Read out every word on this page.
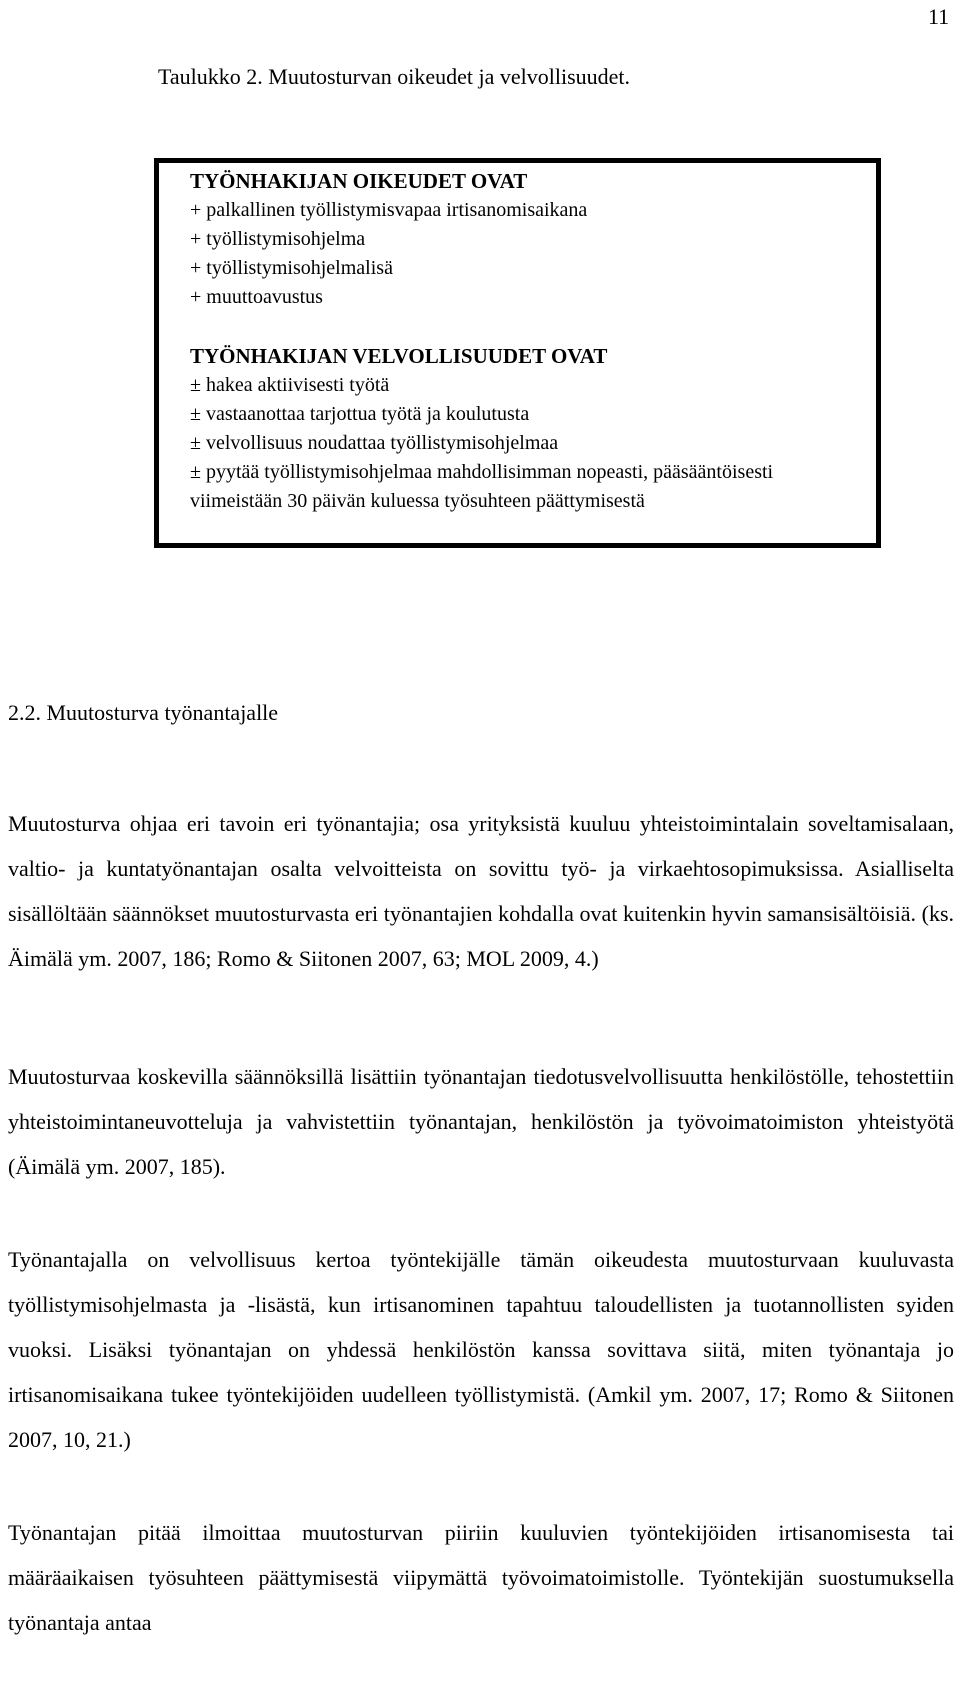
11
Taulukko 2. Muutosturvan oikeudet ja velvollisuudet.
TYÖNHAKIJAN OIKEUDET OVAT
+ palkallinen työllistymisvapaa irtisanomisaikana
+ työllistymisohjelma
+ työllistymisohjelmalisä
+ muuttoavustus
TYÖNHAKIJAN VELVOLLISUUDET OVAT
± hakea aktiivisesti työtä
± vastaanottaa tarjottua työtä ja koulutusta
± velvollisuus noudattaa työllistymisohjelmaa
± pyytää työllistymisohjelmaa mahdollisimman nopeasti, pääsääntöisesti viimeistään 30 päivän kuluessa työsuhteen päättymisestä
2.2. Muutosturva työnantajalle

Muutosturva ohjaa eri tavoin eri työnantajia; osa yrityksistä kuuluu yhteistoimintalain soveltamisalaan, valtio- ja kuntatyönantajan osalta velvoitteista on sovittu työ- ja virkaehtosopimuksissa. Asialliselta sisällöltään säännökset muutosturvasta eri työnantajien kohdalla ovat kuitenkin hyvin samansisältöisiä. (ks. Äimälä ym. 2007, 186; Romo & Siitonen 2007, 63; MOL 2009, 4.)

Muutosturvaa koskevilla säännöksillä lisättiin työnantajan tiedotusvelvollisuutta henkilöstölle, tehostettiin yhteistoimintaneuvotteluja ja vahvistettiin työnantajan, henkilöstön ja työvoimatoimiston yhteistyötä (Äimälä ym. 2007, 185).

Työnantajalla on velvollisuus kertoa työntekijälle tämän oikeudesta muutosturvaan kuuluvasta työllistymisohjelmasta ja -lisästä, kun irtisanominen tapahtuu taloudellisten ja tuotannollisten syiden vuoksi. Lisäksi työnantajan on yhdessä henkilöstön kanssa sovittava siitä, miten työnantaja jo irtisanomisaikana tukee työntekijöiden uudelleen työllistymistä. (Amkil ym. 2007, 17; Romo & Siitonen 2007, 10, 21.)

Työnantajan pitää ilmoittaa muutosturvan piiriin kuuluvien työntekijöiden irtisanomisesta tai määräaikaisen työsuhteen päättymisestä viipymättä työvoimatoimistolle. Työntekijän suostumuksella työnantaja antaa
